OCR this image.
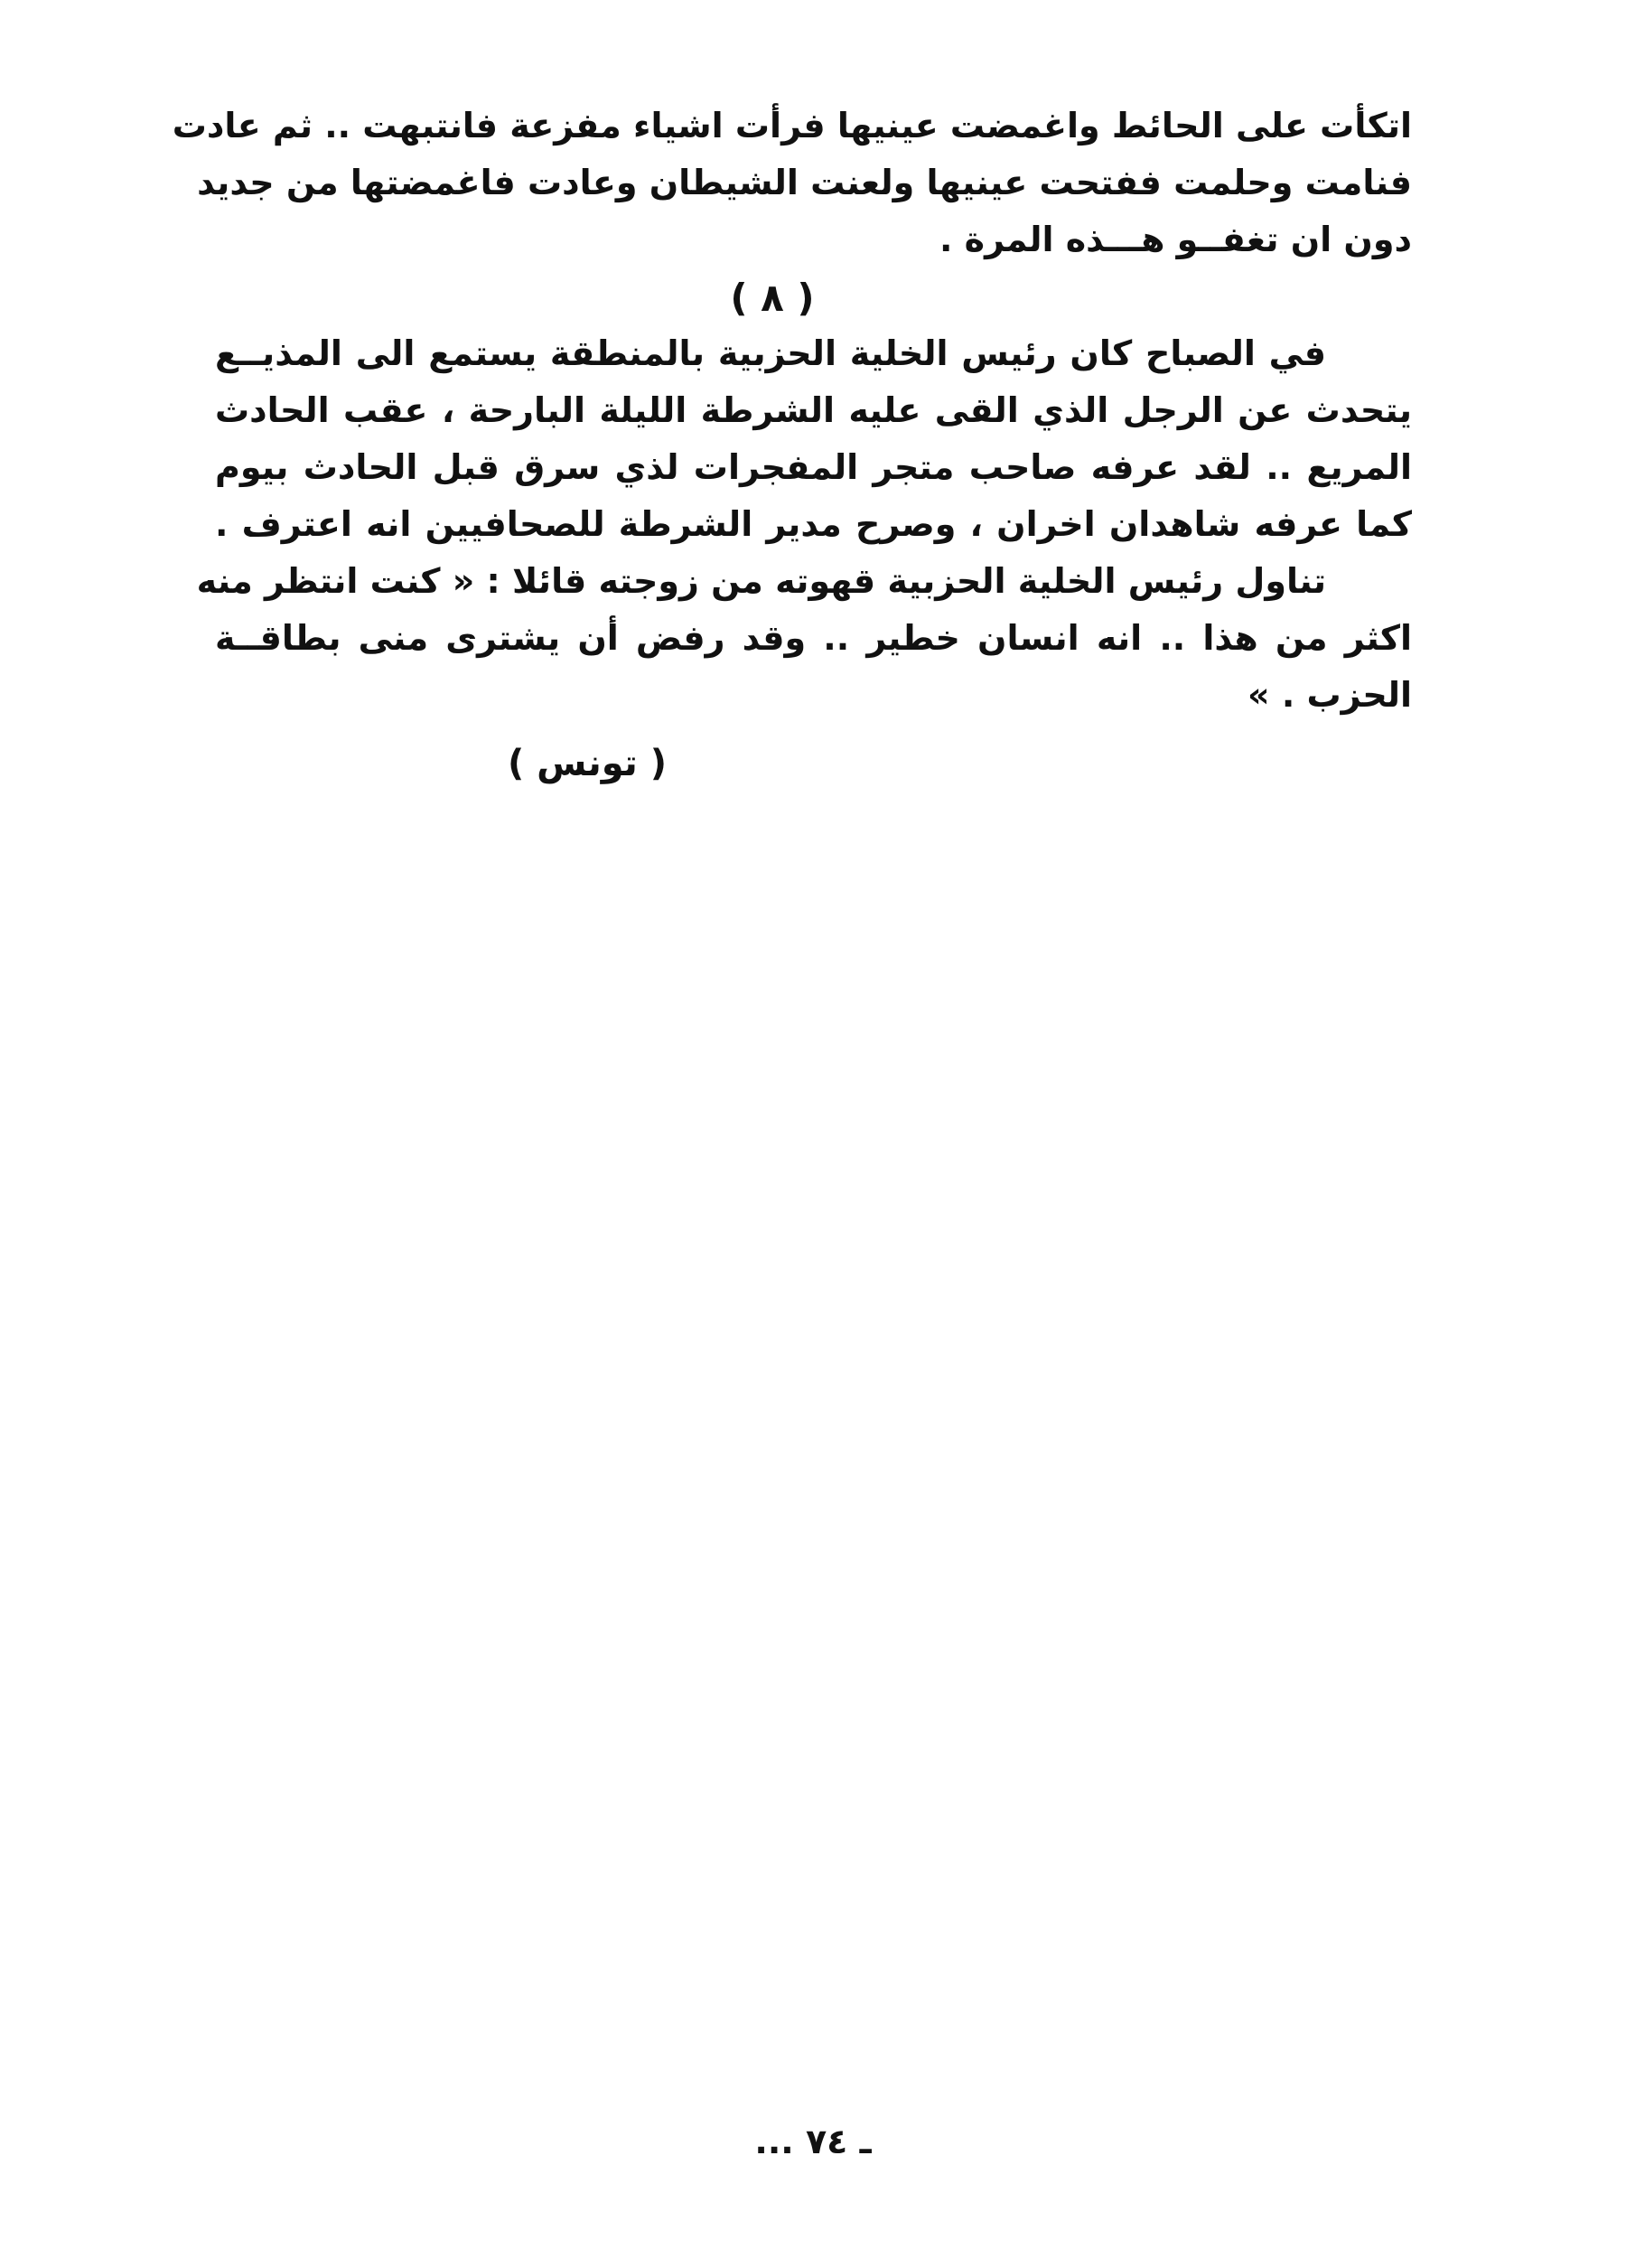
اتكأت على الحائط واغمضت عينيها فرأت اشياء مفزعة فانتبهت .. ثم عادت
فنامت وحلمت ففتحت عينيها ولعنت الشيطان وعادت فاغمضتها من جديد
دون ان تغفــو هـــذه المرة .
( ٨ )
في الصباح كان رئيس الخلية الحزبية بالمنطقة يستمع الى المذيــع
يتحدث عن الرجل الذي القى عليه الشرطة الليلة البارحة ، عقب الحادث
المريع .. لقد عرفه صاحب متجر المفجرات لذي سرق قبل الحادث بيوم
كما عرفه شاهدان اخران ، وصرح مدير الشرطة للصحافيين انه اعترف .
تناول رئيس الخلية الحزبية قهوته من زوجته قائلا : « كنت انتظر منه
اكثر من هذا .. انه انسان خطير .. وقد رفض أن يشترى منى بطاقــة
الحزب . »
( تونس )
ـ ٧٤ ...
